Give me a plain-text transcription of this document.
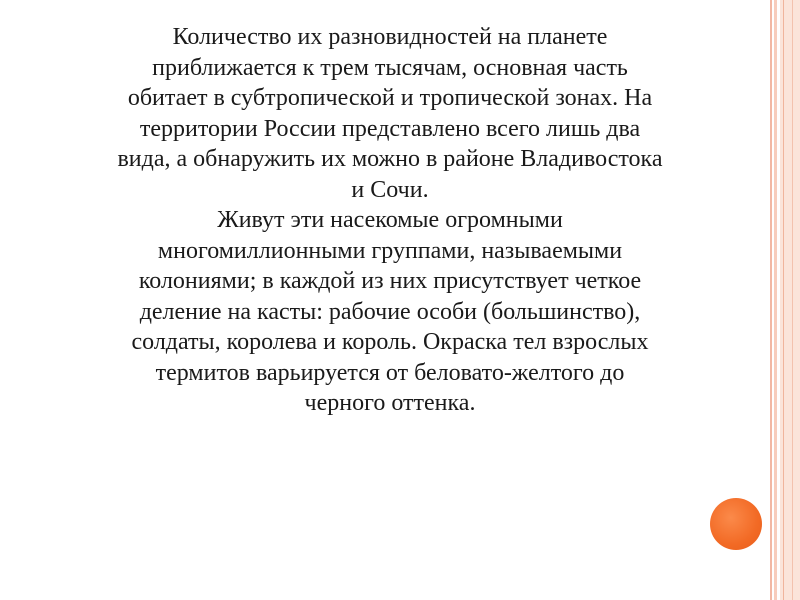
Количество их разновидностей на планете
приближается к трем тысячам, основная часть
обитает в субтропической и тропической зонах. На
территории России представлено всего лишь два
вида, а обнаружить их можно в районе Владивостока
и Сочи.
Живут эти насекомые огромными
многомиллионными группами, называемыми
колониями; в каждой из них присутствует четкое
деление на касты: рабочие особи (большинство),
солдаты, королева и король. Окраска тел взрослых
термитов варьируется от беловато-желтого до
черного оттенка.
